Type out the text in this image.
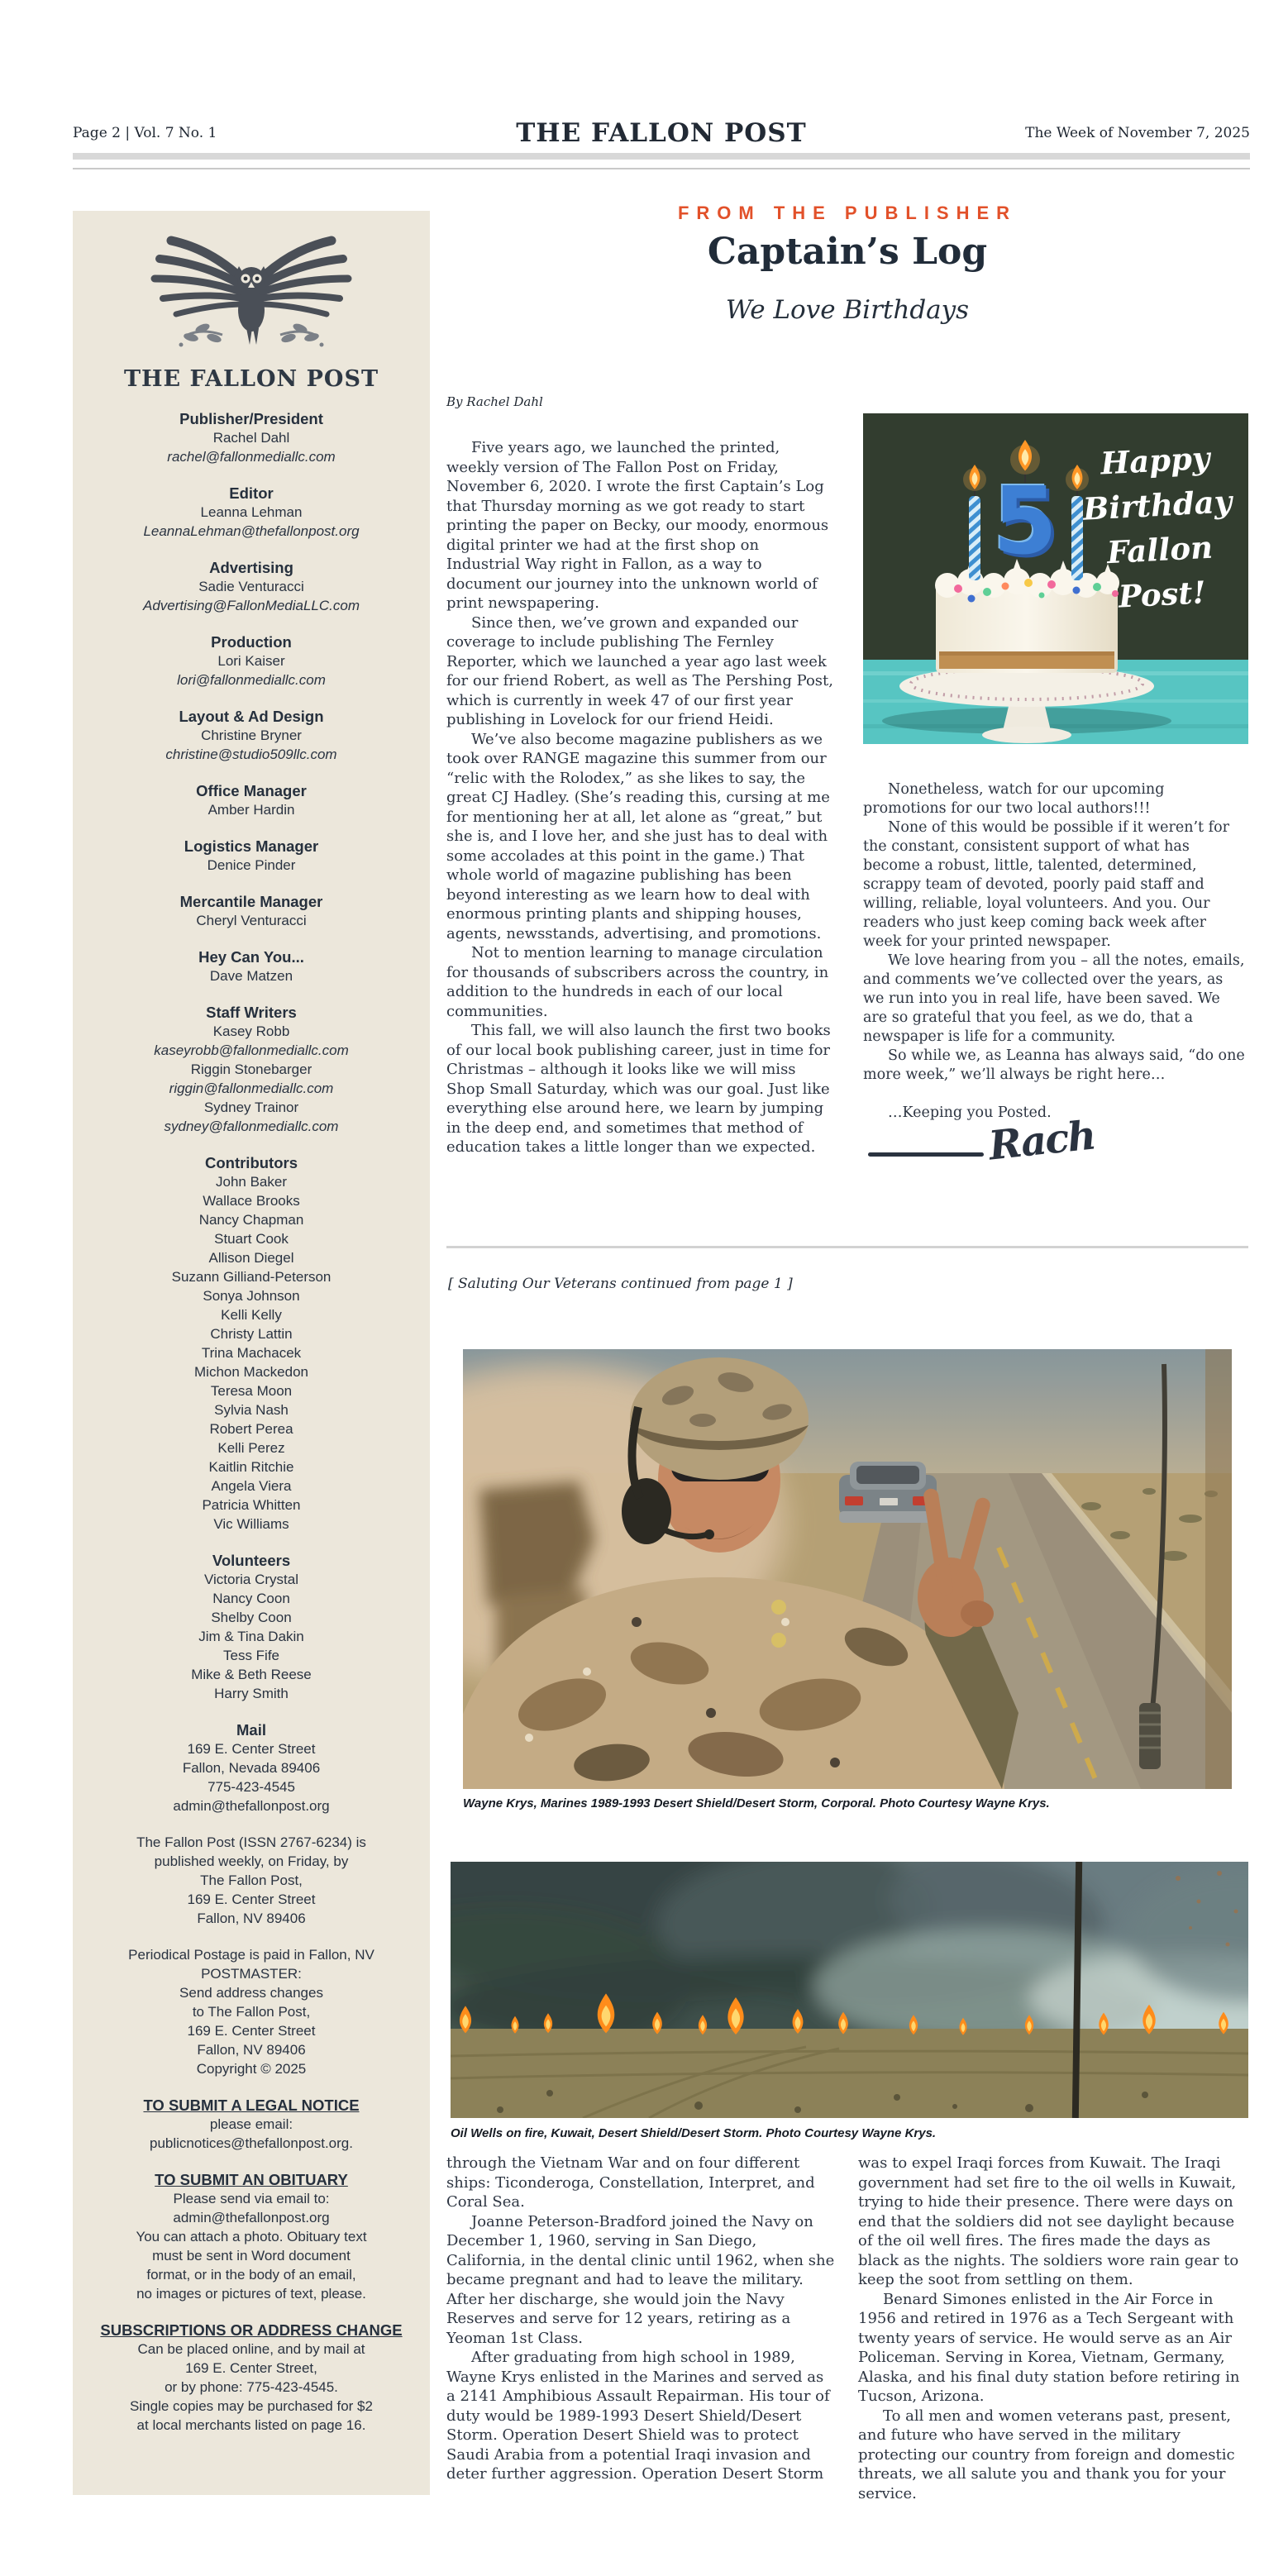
Page 2 | Vol. 7 No. 1	THE FALLON POST	The Week of November 7, 2025
THE FALLON POST
Publisher/President
Rachel Dahl
rachel@fallonmediallc.com
Editor
Leanna Lehman
LeannaLehman@thefallonpost.org
Advertising
Sadie Venturacci
Advertising@FallonMediaLLC.com
Production
Lori Kaiser
lori@fallonmediallc.com
Layout & Ad Design
Christine Bryner
christine@studio509llc.com
Office Manager
Amber Hardin
Logistics Manager
Denice Pinder
Mercantile Manager
Cheryl Venturacci
Hey Can You...
Dave Matzen
Staff Writers
Kasey Robb
kaseyrobb@fallonmediallc.com
Riggin Stonebarger
riggin@fallonmediallc.com
Sydney Trainor
sydney@fallonmediallc.com
Contributors
John Baker
Wallace Brooks
Nancy Chapman
Stuart Cook
Allison Diegel
Suzann Gilliand-Peterson
Sonya Johnson
Kelli Kelly
Christy Lattin
Trina Machacek
Michon Mackedon
Teresa Moon
Sylvia Nash
Robert Perea
Kelli Perez
Kaitlin Ritchie
Angela Viera
Patricia Whitten
Vic Williams
Volunteers
Victoria Crystal
Nancy Coon
Shelby Coon
Jim & Tina Dakin
Tess Fife
Mike & Beth Reese
Harry Smith
Mail
169 E. Center Street
Fallon, Nevada 89406
775-423-4545
admin@thefallonpost.org
The Fallon Post (ISSN 2767-6234) is
published weekly, on Friday, by
The Fallon Post,
169 E. Center Street
Fallon, NV 89406
Periodical Postage is paid in Fallon, NV
POSTMASTER:
Send address changes
to The Fallon Post,
169 E. Center Street
Fallon, NV 89406
Copyright © 2025
TO SUBMIT A LEGAL NOTICE
please email:
publicnotices@thefallonpost.org.
TO SUBMIT AN OBITUARY
Please send via email to:
admin@thefallonpost.org
You can attach a photo. Obituary text
must be sent in Word document
format, or in the body of an email,
no images or pictures of text, please.
SUBSCRIPTIONS OR ADDRESS CHANGE
Can be placed online, and by mail at
169 E. Center Street,
or by phone: 775-423-4545.
Single copies may be purchased for $2
at local merchants listed on page 16.
FROM THE PUBLISHER
Captain’s Log
We Love Birthdays
By Rachel Dahl

Five years ago, we launched the printed, weekly version of The Fallon Post on Friday, November 6, 2020. I wrote the first Captain’s Log that Thursday morning as we got ready to start printing the paper on Becky, our moody, enormous digital printer we had at the first shop on Industrial Way right in Fallon, as a way to document our journey into the unknown world of print newspapering.

Since then, we’ve grown and expanded our coverage to include publishing The Fernley Reporter, which we launched a year ago last week for our friend Robert, as well as The Pershing Post, which is currently in week 47 of our first year publishing in Lovelock for our friend Heidi.

We’ve also become magazine publishers as we took over RANGE magazine this summer from our “relic with the Rolodex,” as she likes to say, the great CJ Hadley. (She’s reading this, cursing at me for mentioning her at all, let alone as “great,” but she is, and I love her, and she just has to deal with some accolades at this point in the game.) That whole world of magazine publishing has been beyond interesting as we learn how to deal with enormous printing plants and shipping houses, agents, newsstands, advertising, and promotions.

Not to mention learning to manage circulation for thousands of subscribers across the country, in addition to the hundreds in each of our local communities.

This fall, we will also launch the first two books of our local book publishing career, just in time for Christmas – although it looks like we will miss Shop Small Saturday, which was our goal. Just like everything else around here, we learn by jumping in the deep end, and sometimes that method of education takes a little longer than we expected.

5
Happy
Birthday
Fallon
Post!

Nonetheless, watch for our upcoming promotions for our two local authors!!!

None of this would be possible if it weren’t for the constant, consistent support of what has become a robust, little, talented, determined, scrappy team of devoted, poorly paid staff and willing, reliable, loyal volunteers. And you. Our readers who just keep coming back week after week for your printed newspaper.

We love hearing from you – all the notes, emails, and comments we’ve collected over the years, as we run into you in real life, have been saved. We are so grateful that you feel, as we do, that a newspaper is life for a community.

So while we, as Leanna has always said, “do one more week,” we’ll always be right here…

…Keeping you Posted.
Rach
[ Saluting Our Veterans continued from page 1 ]
Wayne Krys, Marines 1989-1993 Desert Shield/Desert Storm, Corporal. Photo Courtesy Wayne Krys.
Oil Wells on fire, Kuwait, Desert Shield/Desert Storm. Photo Courtesy Wayne Krys.

through the Vietnam War and on four different ships: Ticonderoga, Constellation, Interpret, and Coral Sea.

Joanne Peterson-Bradford joined the Navy on December 1, 1960, serving in San Diego, California, in the dental clinic until 1962, when she became pregnant and had to leave the military. After her discharge, she would join the Navy Reserves and serve for 12 years, retiring as a Yeoman 1st Class.

After graduating from high school in 1989, Wayne Krys enlisted in the Marines and served as a 2141 Amphibious Assault Repairman. His tour of duty would be 1989-1993 Desert Shield/Desert Storm. Operation Desert Shield was to protect Saudi Arabia from a potential Iraqi invasion and deter further aggression. Operation Desert Storm

was to expel Iraqi forces from Kuwait. The Iraqi government had set fire to the oil wells in Kuwait, trying to hide their presence. There were days on end that the soldiers did not see daylight because of the oil well fires. The fires made the days as black as the nights. The soldiers wore rain gear to keep the soot from settling on them.

Benard Simones enlisted in the Air Force in 1956 and retired in 1976 as a Tech Sergeant with twenty years of service. He would serve as an Air Policeman. Serving in Korea, Vietnam, Germany, Alaska, and his final duty station before retiring in Tucson, Arizona.

To all men and women veterans past, present, and future who have served in the military protecting our country from foreign and domestic threats, we all salute you and thank you for your service.
